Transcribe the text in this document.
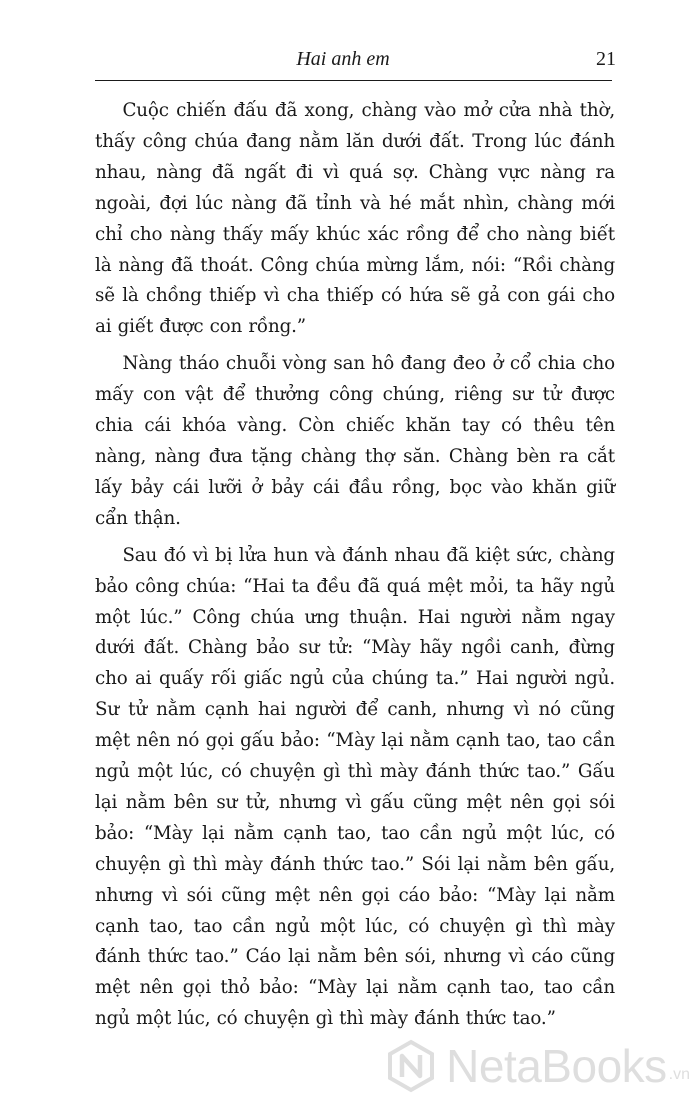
Hai anh em	21

Cuộc chiến đấu đã xong, chàng vào mở cửa nhà thờ, thấy công chúa đang nằm lăn dưới đất. Trong lúc đánh nhau, nàng đã ngất đi vì quá sợ. Chàng vực nàng ra ngoài, đợi lúc nàng đã tỉnh và hé mắt nhìn, chàng mới chỉ cho nàng thấy mấy khúc xác rồng để cho nàng biết là nàng đã thoát. Công chúa mừng lắm, nói: “Rồi chàng sẽ là chồng thiếp vì cha thiếp có hứa sẽ gả con gái cho ai giết được con rồng.”

Nàng tháo chuỗi vòng san hô đang đeo ở cổ chia cho mấy con vật để thưởng công chúng, riêng sư tử được chia cái khóa vàng. Còn chiếc khăn tay có thêu tên nàng, nàng đưa tặng chàng thợ săn. Chàng bèn ra cắt lấy bảy cái lưỡi ở bảy cái đầu rồng, bọc vào khăn giữ cẩn thận.

Sau đó vì bị lửa hun và đánh nhau đã kiệt sức, chàng bảo công chúa: “Hai ta đều đã quá mệt mỏi, ta hãy ngủ một lúc.” Công chúa ưng thuận. Hai người nằm ngay dưới đất. Chàng bảo sư tử: “Mày hãy ngồi canh, đừng cho ai quấy rối giấc ngủ của chúng ta.” Hai người ngủ. Sư tử nằm cạnh hai người để canh, nhưng vì nó cũng mệt nên nó gọi gấu bảo: “Mày lại nằm cạnh tao, tao cần ngủ một lúc, có chuyện gì thì mày đánh thức tao.” Gấu lại nằm bên sư tử, nhưng vì gấu cũng mệt nên gọi sói bảo: “Mày lại nằm cạnh tao, tao cần ngủ một lúc, có chuyện gì thì mày đánh thức tao.” Sói lại nằm bên gấu, nhưng vì sói cũng mệt nên gọi cáo bảo: “Mày lại nằm cạnh tao, tao cần ngủ một lúc, có chuyện gì thì mày đánh thức tao.” Cáo lại nằm bên sói, nhưng vì cáo cũng mệt nên gọi thỏ bảo: “Mày lại nằm cạnh tao, tao cần ngủ một lúc, có chuyện gì thì mày đánh thức tao.”

NetaBooks .vn
